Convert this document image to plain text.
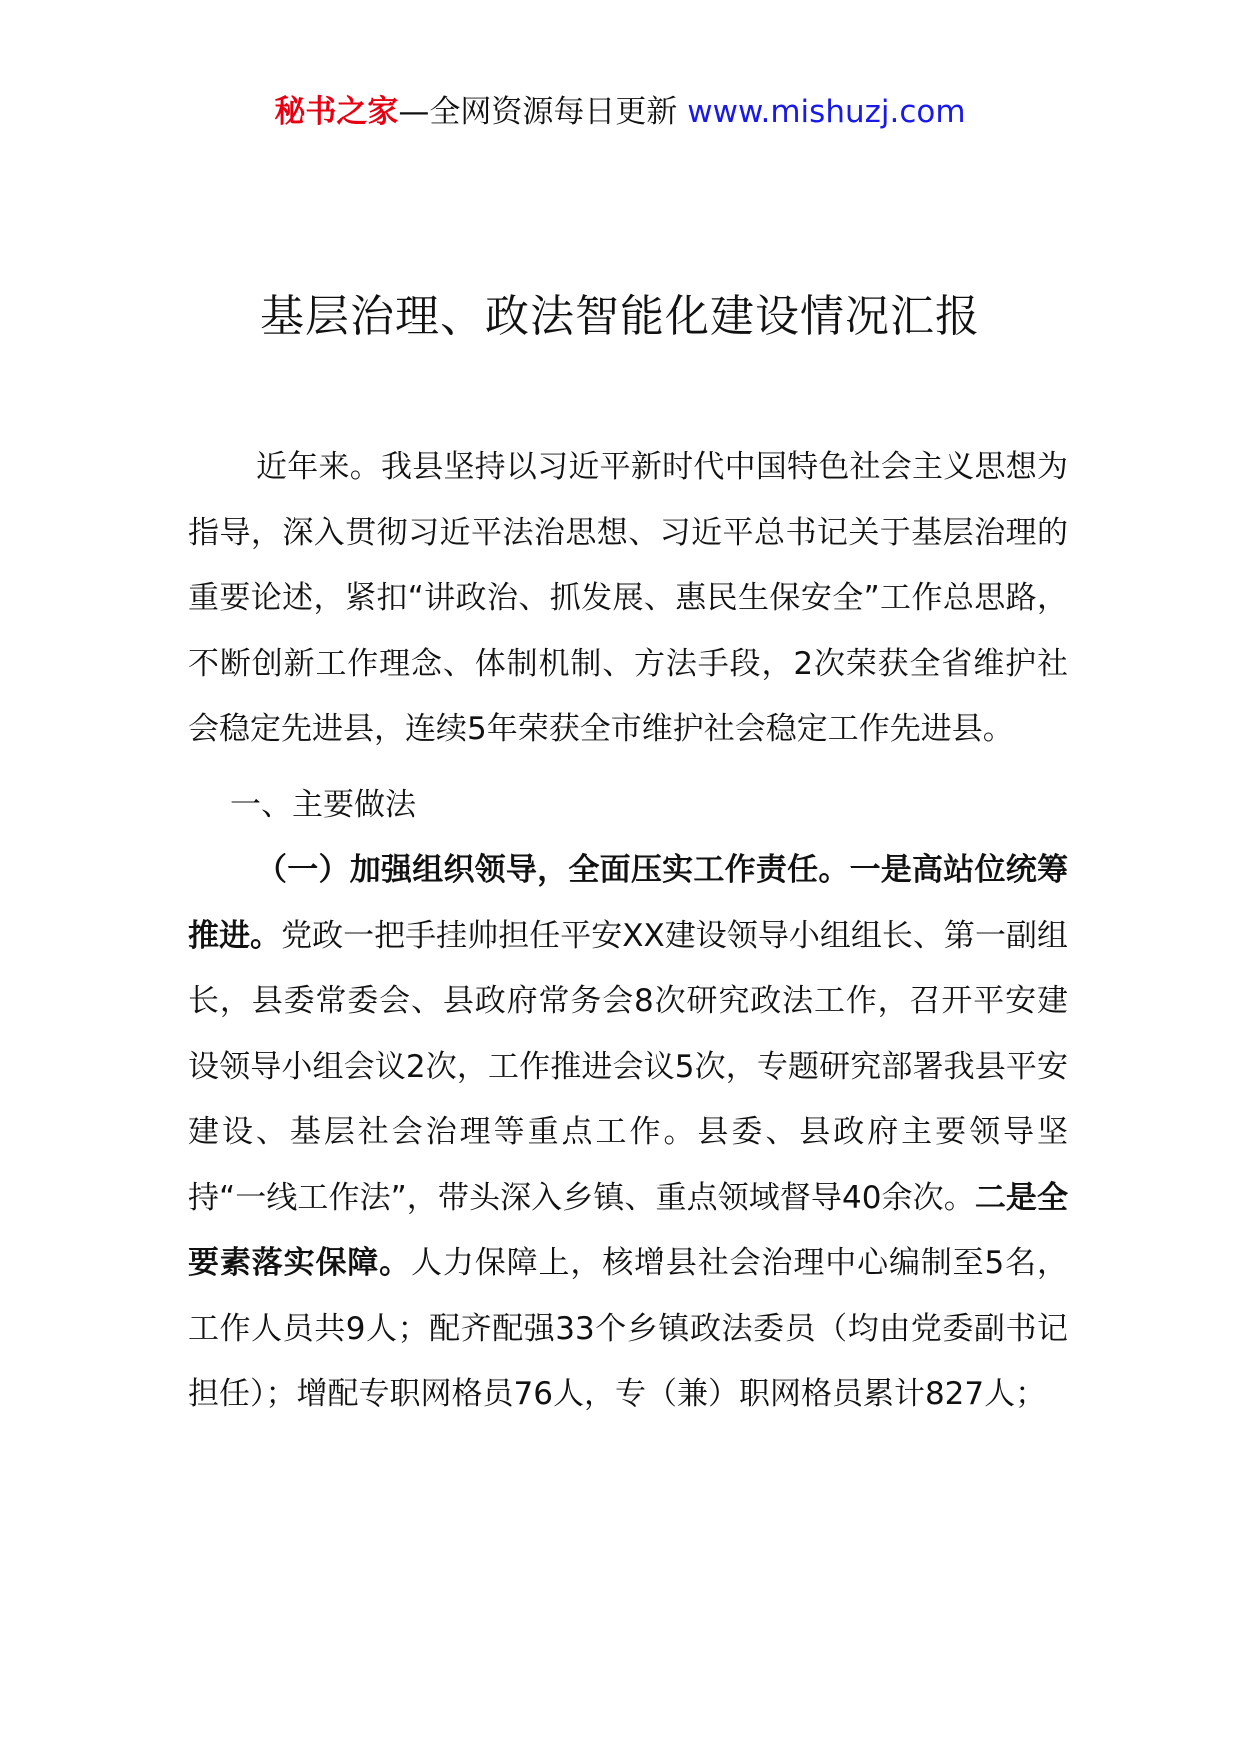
秘书之家—全网资源每日更新 www.mishuzj.com
基层治理、政法智能化建设情况汇报

近年来。我县坚持以习近平新时代中国特色社会主义思想为指导，深入贯彻习近平法治思想、习近平总书记关于基层治理的重要论述，紧扣“讲政治、抓发展、惠民生保安全”工作总思路，不断创新工作理念、体制机制、方法手段，2次荣获全省维护社会稳定先进县，连续5年荣获全市维护社会稳定工作先进县。

一、主要做法

（一）加强组织领导，全面压实工作责任。一是高站位统筹推进。党政一把手挂帅担任平安XX建设领导小组组长、第一副组长，县委常委会、县政府常务会8次研究政法工作，召开平安建设领导小组会议2次，工作推进会议5次，专题研究部署我县平安建设、基层社会治理等重点工作。县委、县政府主要领导坚持“一线工作法”，带头深入乡镇、重点领域督导40余次。二是全要素落实保障。人力保障上，核增县社会治理中心编制至5名，工作人员共9人；配齐配强33个乡镇政法委员（均由党委副书记担任）；增配专职网格员76人，专（兼）职网格员累计827人；
